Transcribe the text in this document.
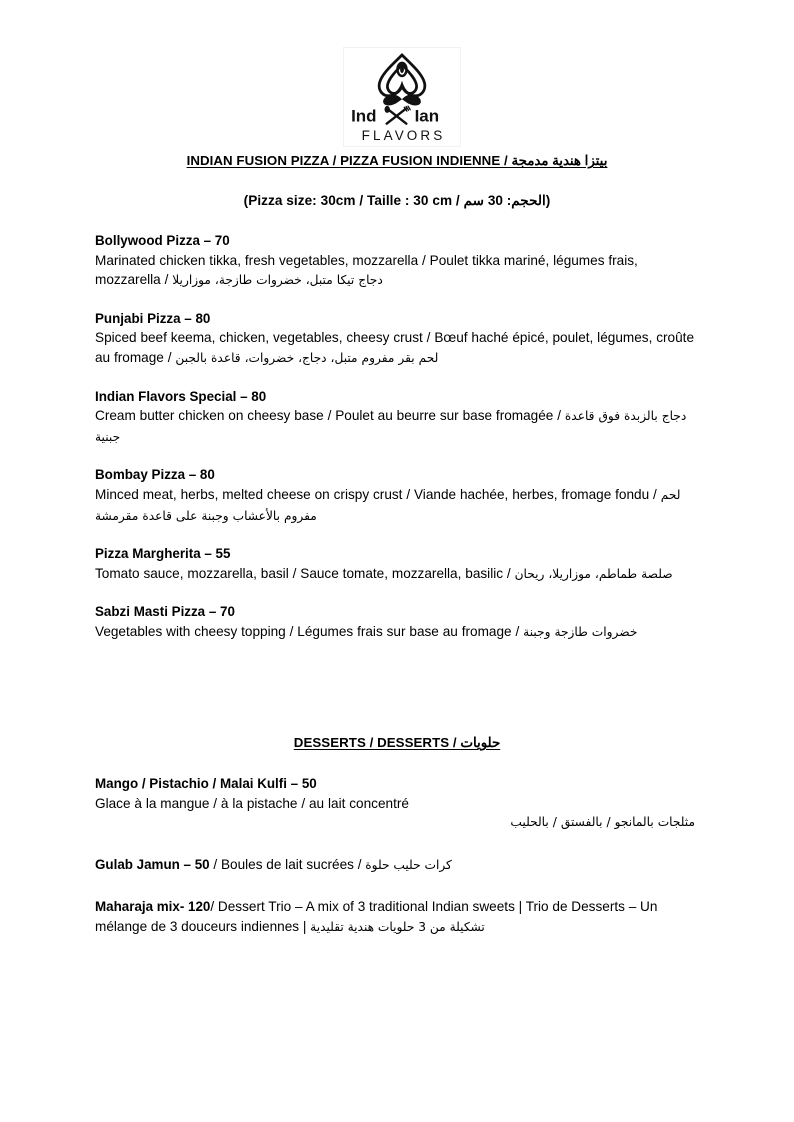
Ind Ian
FLAVORS
INDIAN FUSION PIZZA / PIZZA FUSION INDIENNE / بيتزا هندية مدمجة
(Pizza size: 30cm / Taille : 30 cm / الحجم: 30 سم)

Bollywood Pizza – 70

Marinated chicken tikka, fresh vegetables, mozzarella / Poulet tikka mariné, légumes frais, mozzarella / دجاج تيكا متبل، خضروات طازجة، موزاريلا

Punjabi Pizza – 80

Spiced beef keema, chicken, vegetables, cheesy crust / Bœuf haché épicé, poulet, légumes, croûte au fromage / لحم بقر مفروم متبل، دجاج، خضروات، قاعدة بالجبن

Indian Flavors Special – 80

Cream butter chicken on cheesy base / Poulet au beurre sur base fromagée / دجاج بالزبدة فوق قاعدة جبنية

Bombay Pizza – 80

Minced meat, herbs, melted cheese on crispy crust / Viande hachée, herbes, fromage fondu / لحم مفروم بالأعشاب وجبنة على قاعدة مقرمشة

Pizza Margherita – 55

Tomato sauce, mozzarella, basil / Sauce tomate, mozzarella, basilic / صلصة طماطم، موزاريلا، ريحان

Sabzi Masti Pizza – 70

Vegetables with cheesy topping / Légumes frais sur base au fromage / خضروات طازجة وجبنة

DESSERTS / DESSERTS / حلويات

Mango / Pistachio / Malai Kulfi – 50

Glace à la mangue / à la pistache / au lait concentré

مثلجات بالمانجو / بالفستق / بالحليب

Gulab Jamun – 50 / Boules de lait sucrées / كرات حليب حلوة

Maharaja mix- 120/ Dessert Trio – A mix of 3 traditional Indian sweets | Trio de Desserts – Un mélange de 3 douceurs indiennes | تشكيلة من 3 حلويات هندية تقليدية
